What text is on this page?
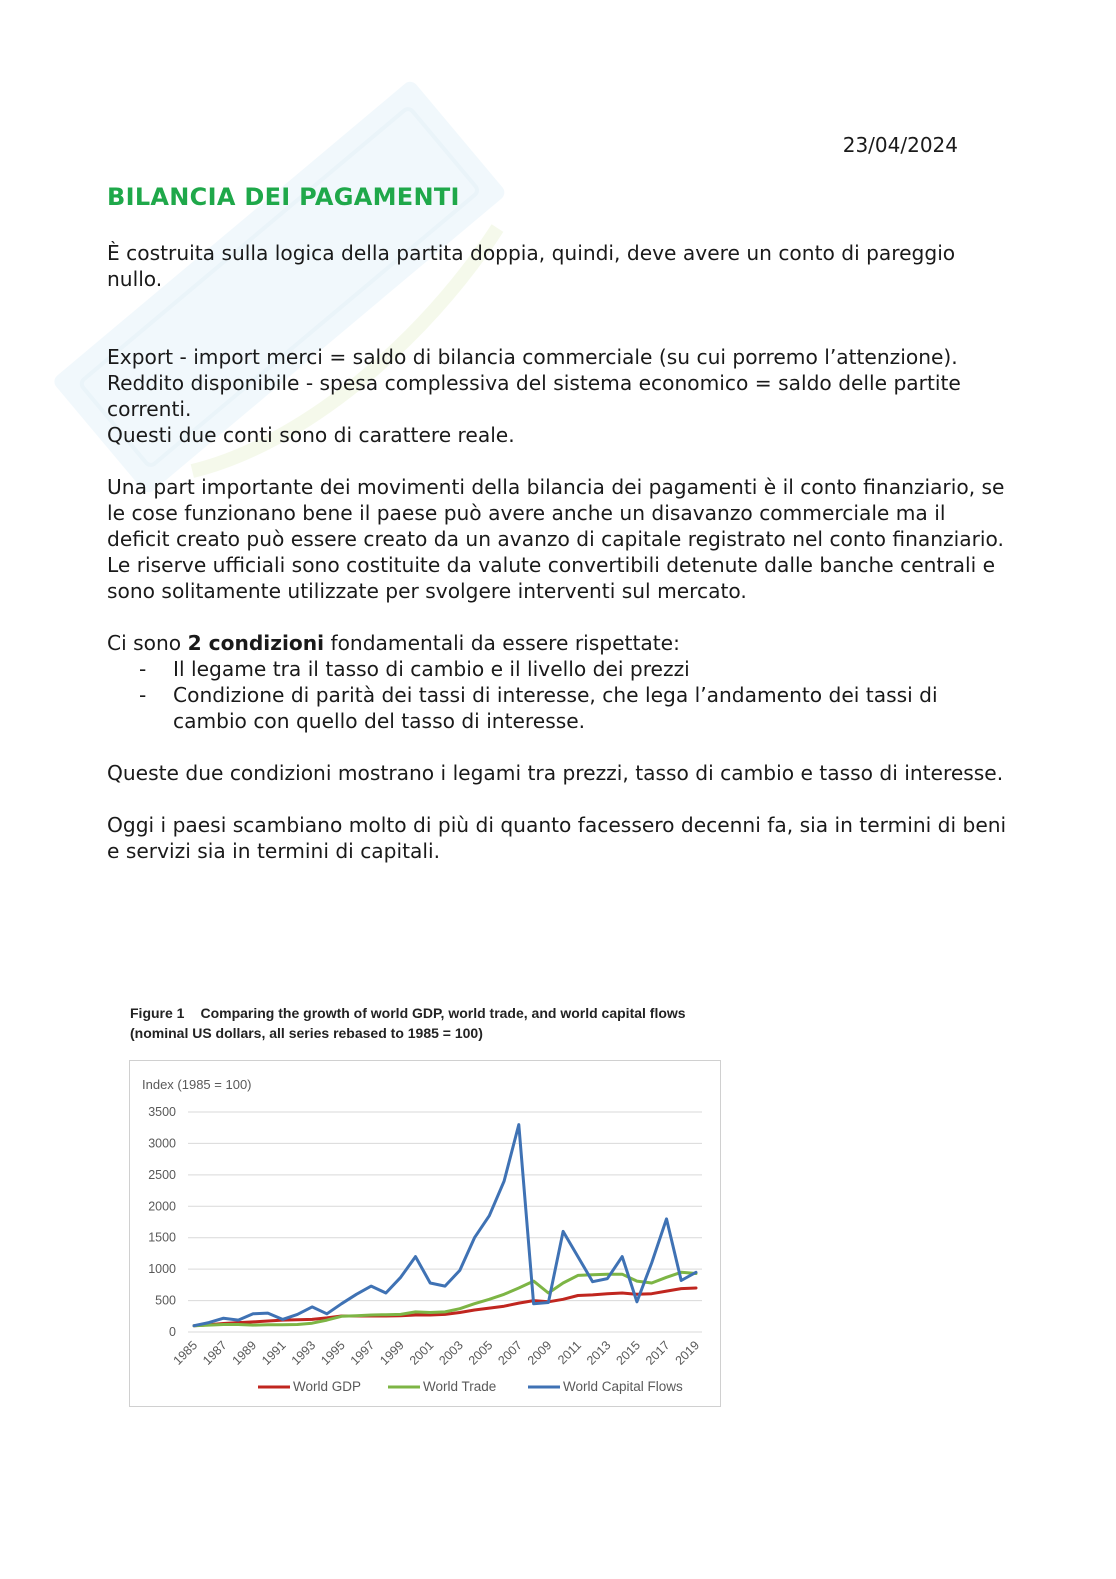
23/04/2024
BILANCIA DEI PAGAMENTI

È costruita sulla logica della partita doppia, quindi, deve avere un conto di pareggio nullo.

Export - import merci = saldo di bilancia commerciale (su cui porremo l’attenzione).

Reddito disponibile - spesa complessiva del sistema economico = saldo delle partite correnti.

Questi due conti sono di carattere reale.

Una part importante dei movimenti della bilancia dei pagamenti è il conto finanziario, se le cose funzionano bene il paese può avere anche un disavanzo commerciale ma il deficit creato può essere creato da un avanzo di capitale registrato nel conto finanziario.

Le riserve ufficiali sono costituite da valute convertibili detenute dalle banche centrali e sono solitamente utilizzate per svolgere interventi sul mercato.

Ci sono 2 condizioni fondamentali da essere rispettate:

- Il legame tra il tasso di cambio e il livello dei prezzi
- Condizione di parità dei tassi di interesse, che lega l’andamento dei tassi di cambio con quello del tasso di interesse.

Queste due condizioni mostrano i legami tra prezzi, tasso di cambio e tasso di interesse.

Oggi i paesi scambiano molto di più di quanto facessero decenni fa, sia in termini di beni e servizi sia in termini di capitali.

Figure 1 Comparing the growth of world GDP, world trade, and world capital flows
(nominal US dollars, all series rebased to 1985 = 100)
Index (1985 = 100)
0
500
1000
1500
2000
2500
3000
3500
1985 1987 1989 1991 1993 1995 1997 1999 2001 2003 2005 2007 2009 2011 2013 2015 2017 2019
World GDP	World Trade	World Capital Flows
